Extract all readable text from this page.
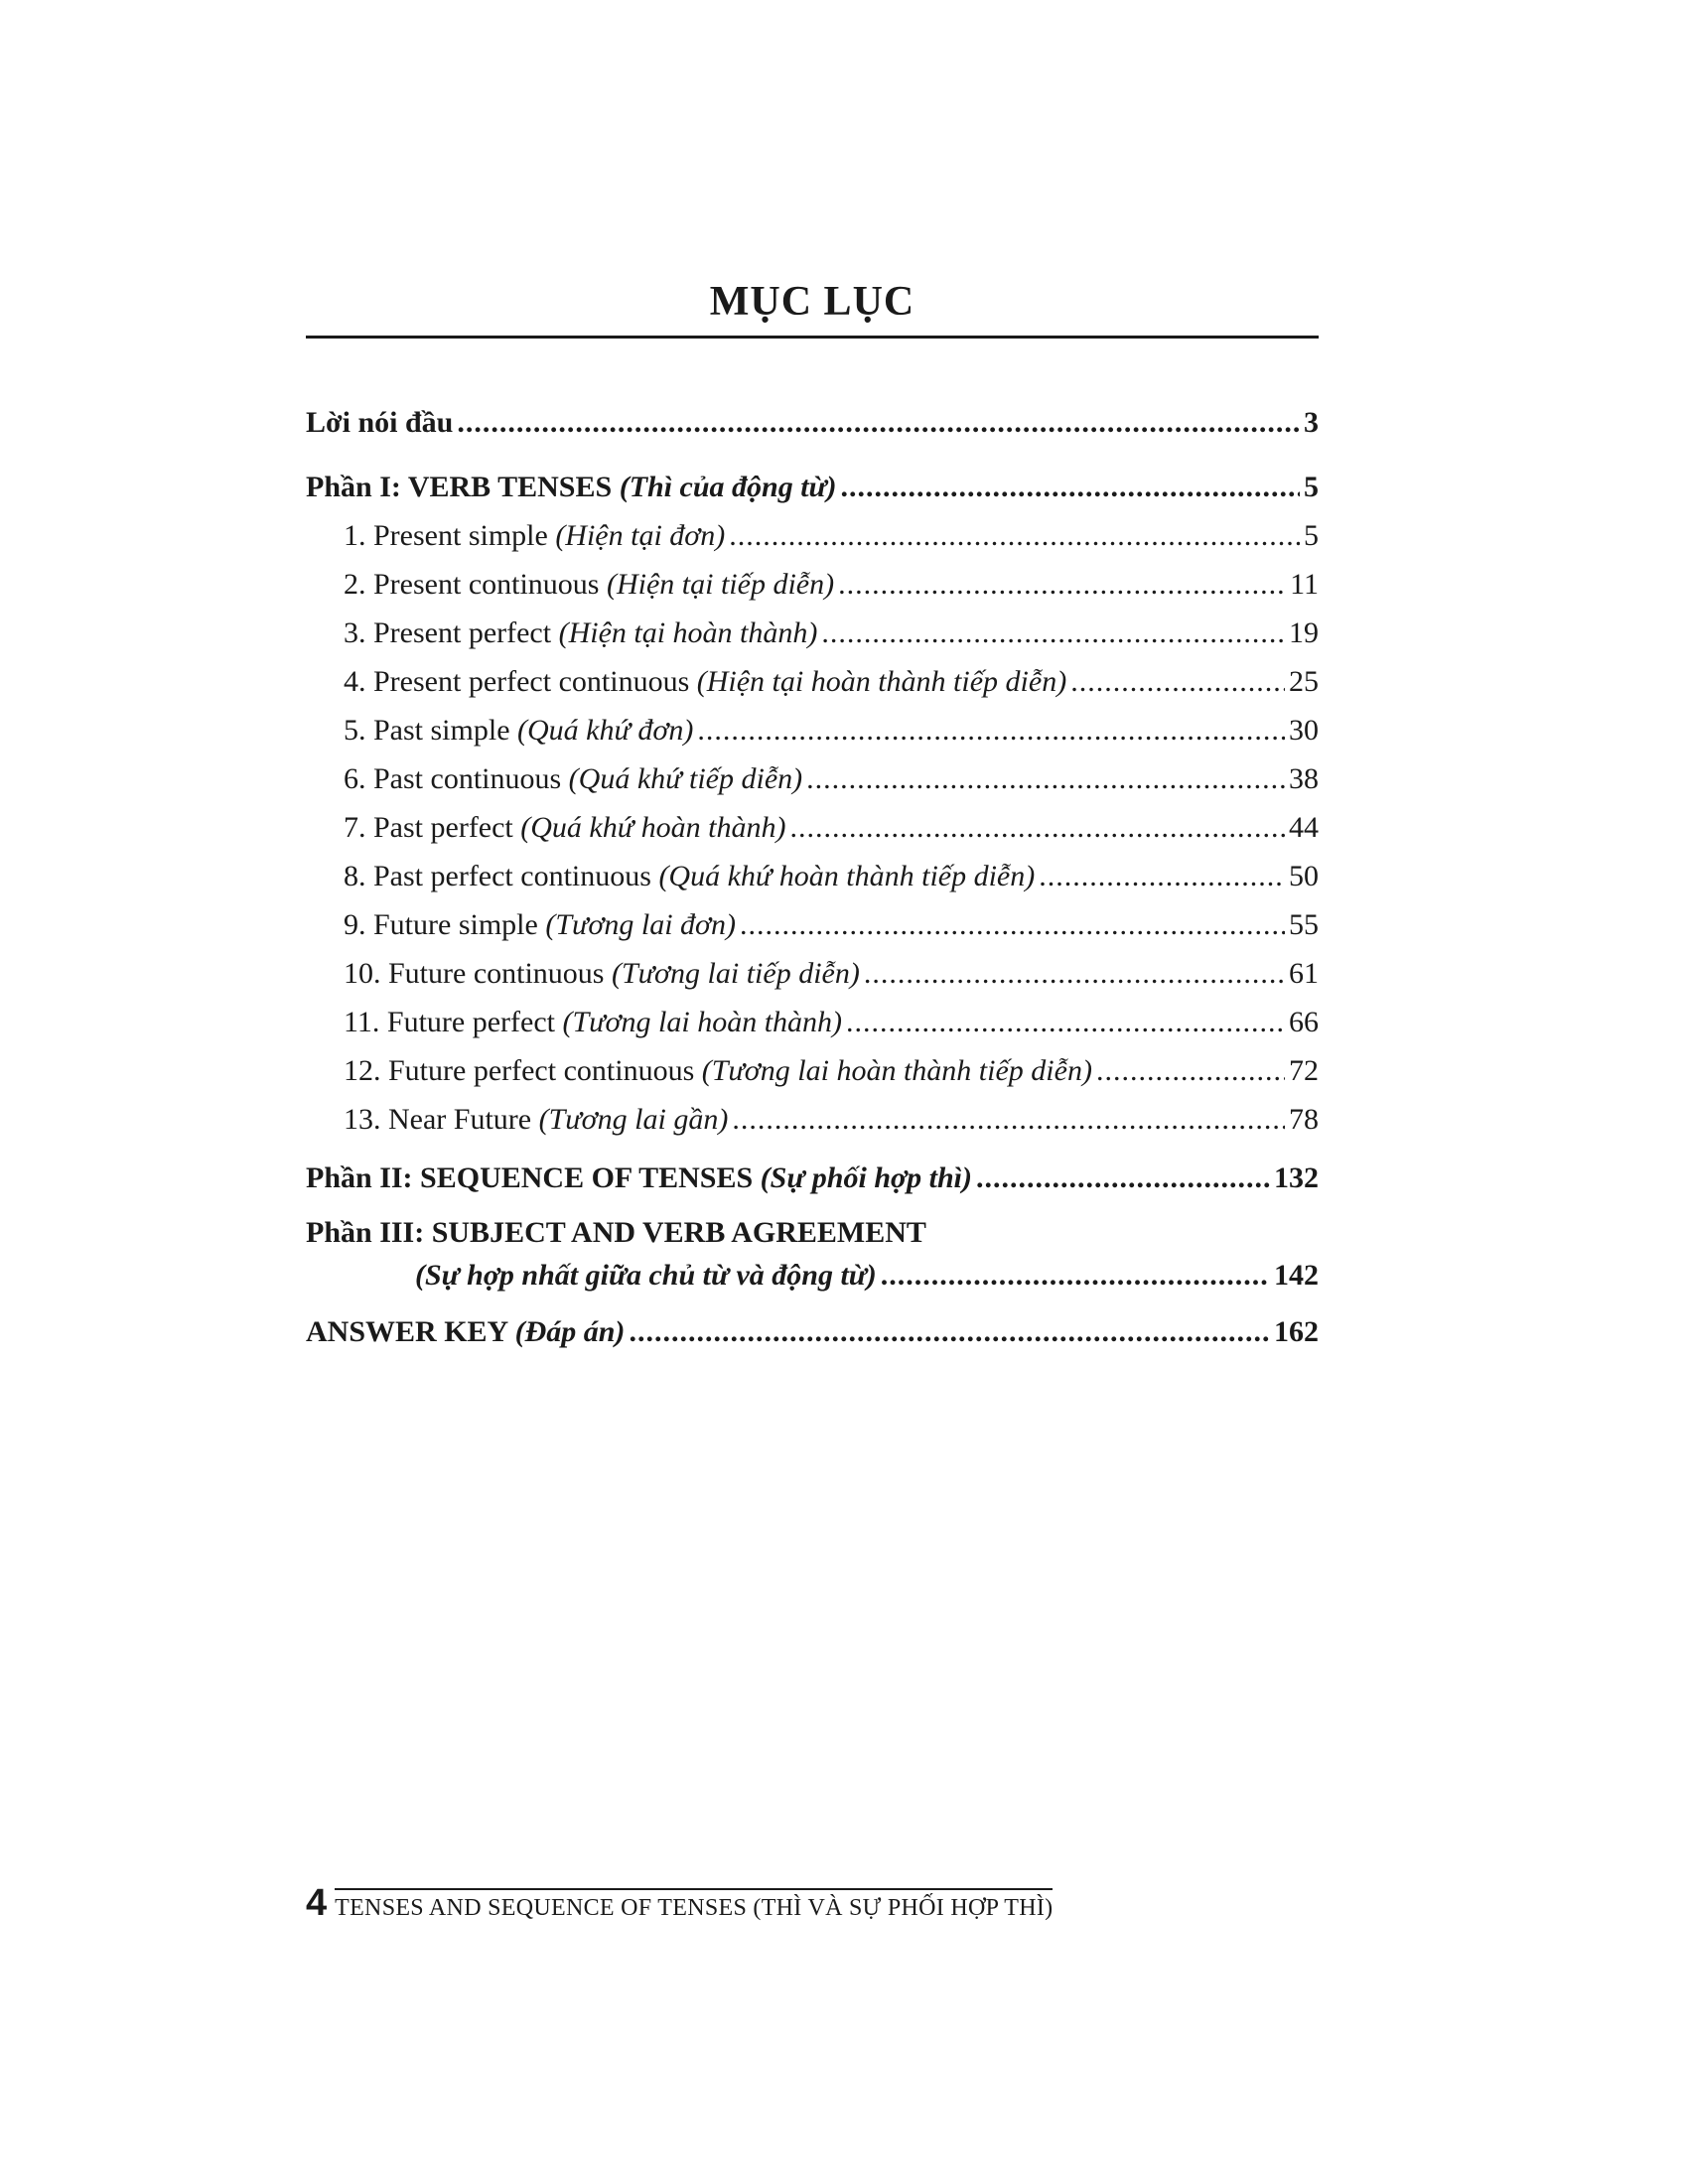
MỤC LỤC
Lời nói đầu .....	3
Phần I: VERB TENSES (Thì của động từ) .....	5
1. Present simple (Hiện tại đơn) .....	5
2. Present continuous (Hiện tại tiếp diễn) .....	11
3. Present perfect (Hiện tại hoàn thành) .....	19
4. Present perfect continuous (Hiện tại hoàn thành tiếp diễn) .....	25
5. Past simple (Quá khứ đơn) .....	30
6. Past continuous (Quá khứ tiếp diễn) .....	38
7. Past perfect (Quá khứ hoàn thành) .....	44
8. Past perfect continuous (Quá khứ hoàn thành tiếp diễn) .....	50
9. Future simple (Tương lai đơn) .....	55
10. Future continuous (Tương lai tiếp diễn) .....	61
11. Future perfect (Tương lai hoàn thành) .....	66
12. Future perfect continuous (Tương lai hoàn thành tiếp diễn) .....	72
13. Near Future (Tương lai gần) .....	78
Phần II: SEQUENCE OF TENSES (Sự phối hợp thì) .....	132
Phần III: SUBJECT AND VERB AGREEMENT
(Sự hợp nhất giữa chủ từ và động từ) .....	142
ANSWER KEY (Đáp án) .....	162
4 TENSES AND SEQUENCE OF TENSES (THÌ VÀ SỰ PHỐI HỢP THÌ)
